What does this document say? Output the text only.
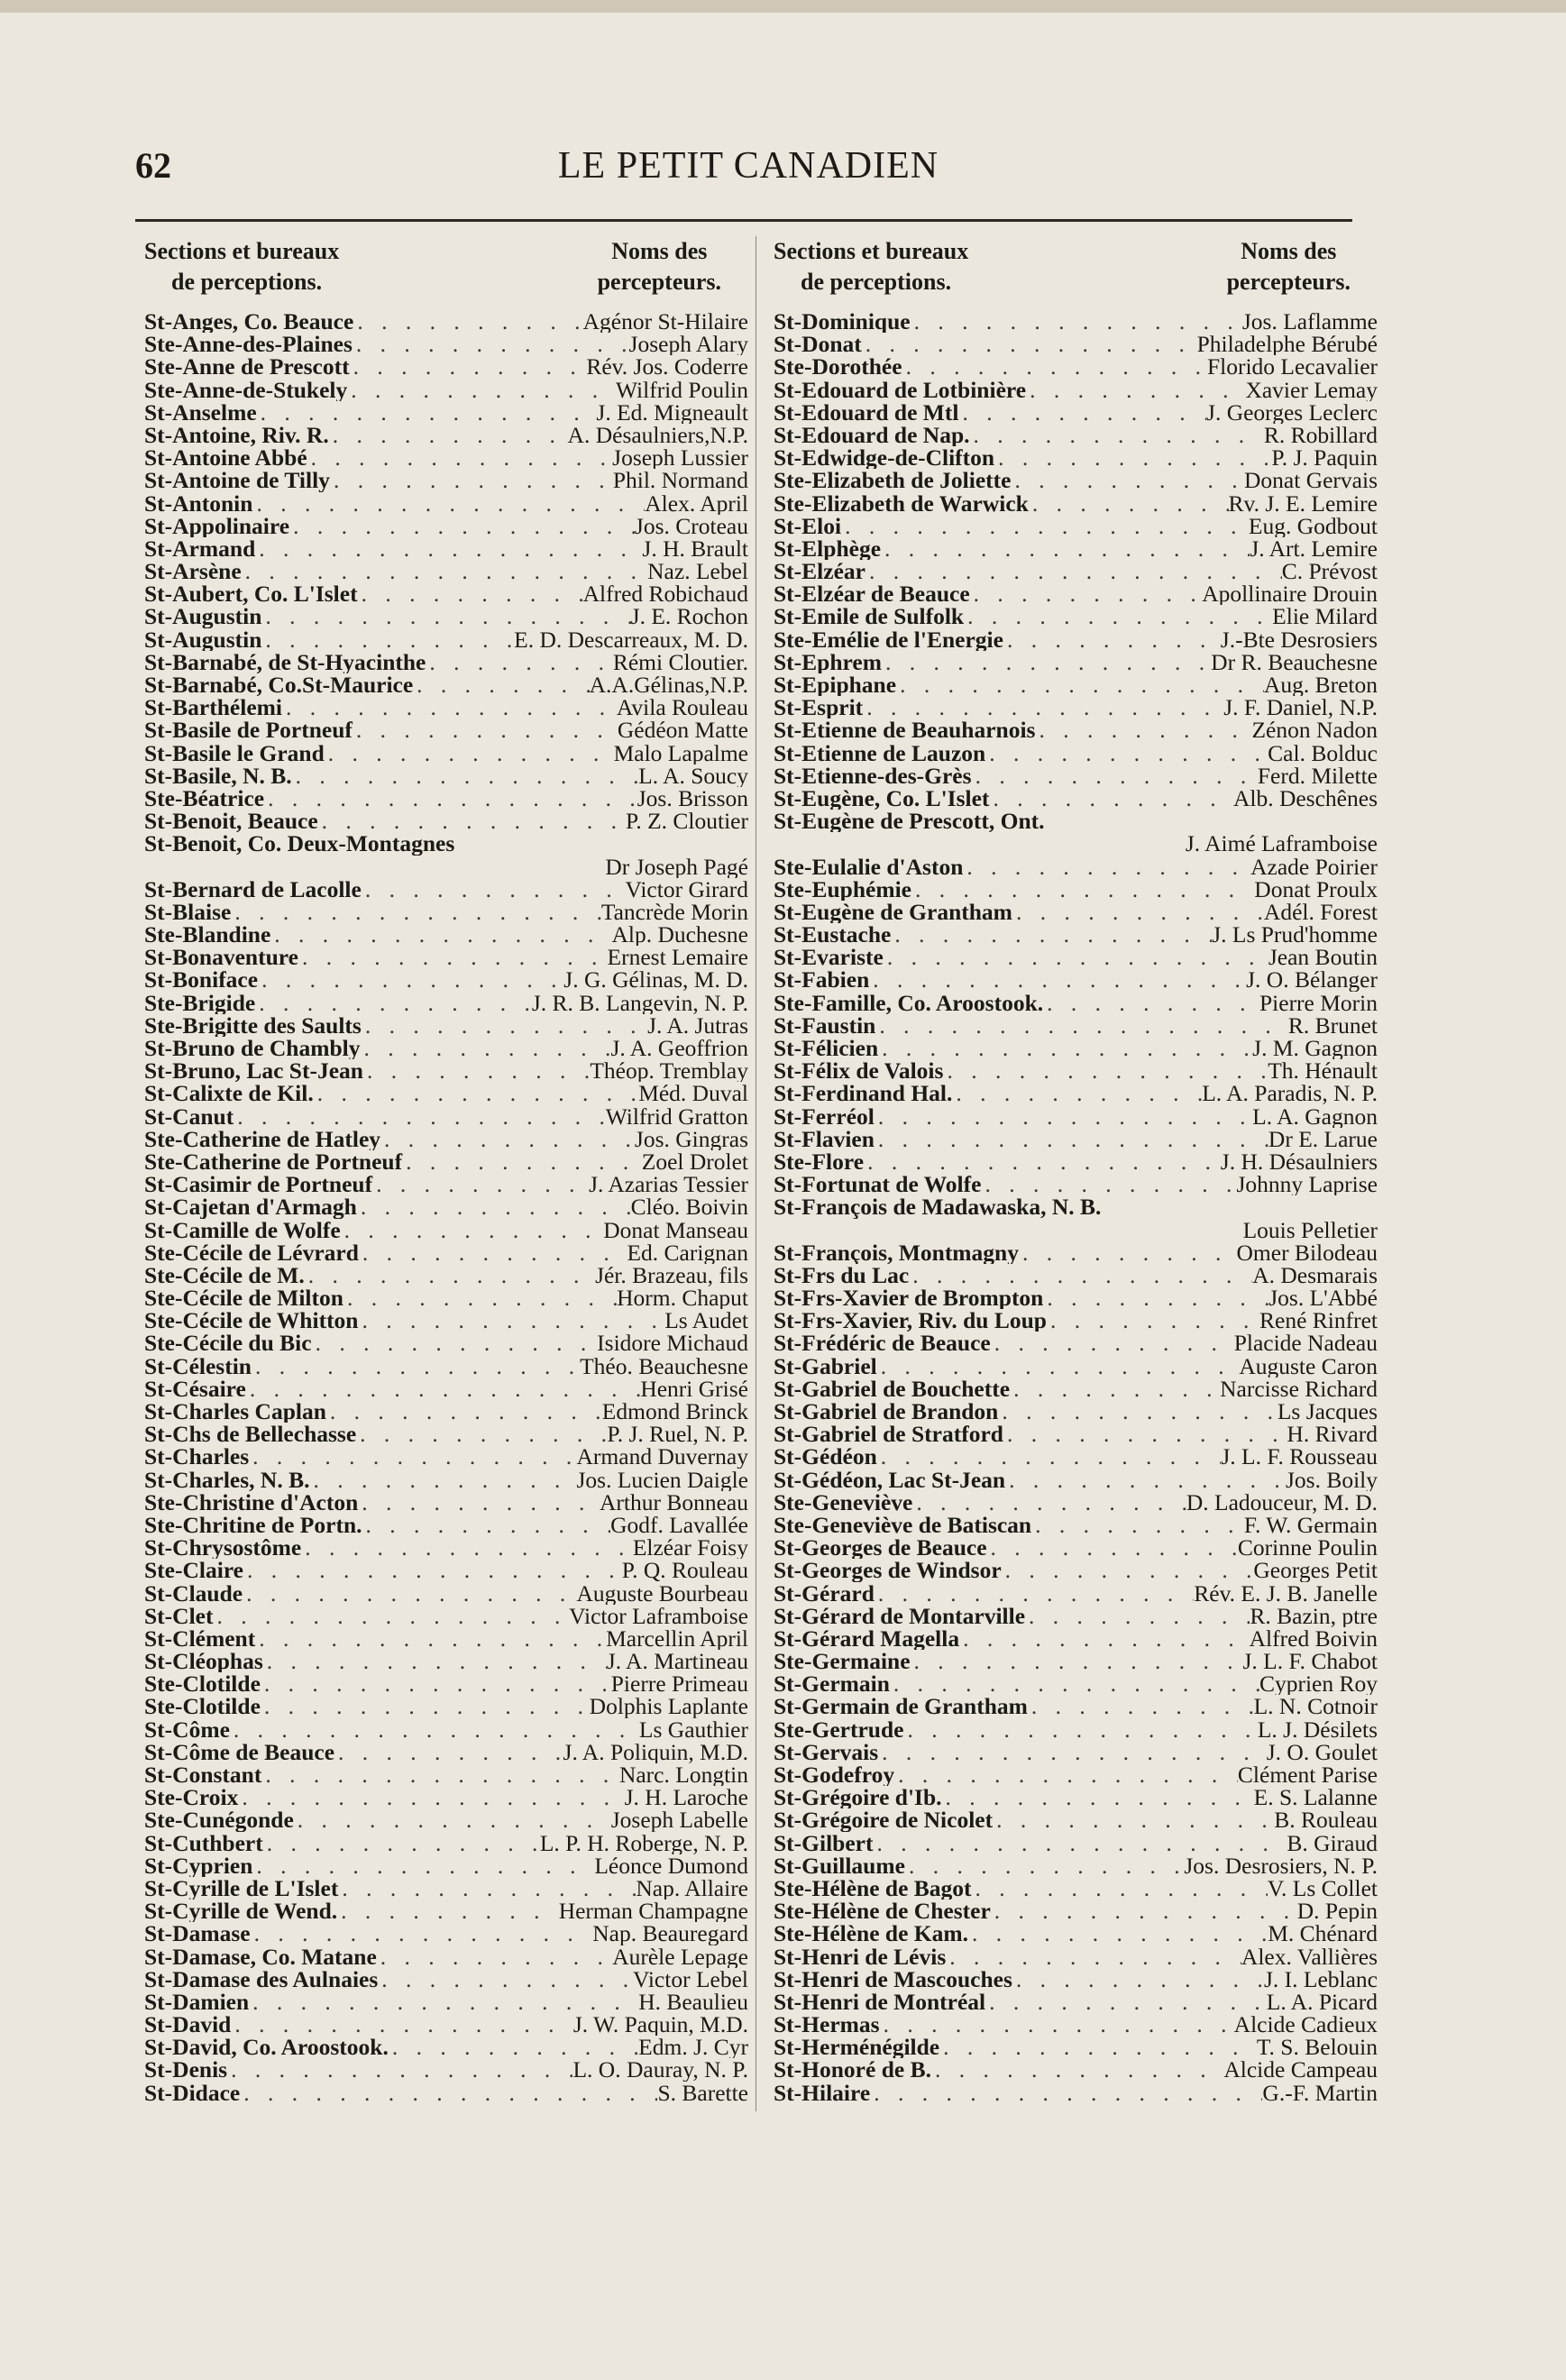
62	LE PETIT CANADIEN
Sections et bureaux
de perceptions.
Noms des
percepteurs.
St-Anges, Co. Beauce . . .	Agénor St-Hilaire
Ste-Anne-des-Plaines . . .	Joseph Alary
Ste-Anne de Prescott . . .	Rév. Jos. Coderre
Ste-Anne-de-Stukely . . .	Wilfrid Poulin
St-Anselme . . .	J. Ed. Migneault
St-Antoine, Riv. R. . . .	A. Désaulniers,N.P.
St-Antoine Abbé . . .	Joseph Lussier
St-Antoine de Tilly . . .	Phil. Normand
St-Antonin . . .	Alex. April
St-Appolinaire . . .	Jos. Croteau
St-Armand . . .	J. H. Brault
St-Arsène . . .	Naz. Lebel
St-Aubert, Co. L'Islet . . .	Alfred Robichaud
St-Augustin . . .	J. E. Rochon
St-Augustin . . .	E. D. Descarreaux, M. D.
St-Barnabé, de St-Hyacinthe . . .	Rémi Cloutier.
St-Barnabé, Co.St-Maurice . . .	A.A.Gélinas,N.P.
St-Barthélemi . . .	Avila Rouleau
St-Basile de Portneuf . . .	Gédéon Matte
St-Basile le Grand . . .	Malo Lapalme
St-Basile, N. B. . . .	L. A. Soucy
Ste-Béatrice . . .	Jos. Brisson
St-Benoit, Beauce . . .	P. Z. Cloutier
St-Benoit, Co. Deux-Montagnes
Dr Joseph Pagé
St-Bernard de Lacolle . . .	Victor Girard
St-Blaise . . .	Tancrède Morin
Ste-Blandine . . .	Alp. Duchesne
St-Bonaventure . . .	Ernest Lemaire
St-Boniface . . .	J. G. Gélinas, M. D.
Ste-Brigide . . .	J. R. B. Langevin, N. P.
Ste-Brigitte des Saults . . .	J. A. Jutras
St-Bruno de Chambly . . .	J. A. Geoffrion
St-Bruno, Lac St-Jean . . .	Théop. Tremblay
St-Calixte de Kil. . . .	Méd. Duval
St-Canut . . .	Wilfrid Gratton
Ste-Catherine de Hatley . . .	Jos. Gingras
Ste-Catherine de Portneuf . . .	Zoel Drolet
St-Casimir de Portneuf . . .	J. Azarias Tessier
St-Cajetan d'Armagh . . .	Cléo. Boivin
St-Camille de Wolfe . . .	Donat Manseau
Ste-Cécile de Lévrard . . .	Ed. Carignan
Ste-Cécile de M. . . .	Jér. Brazeau, fils
Ste-Cécile de Milton . . .	Horm. Chaput
Ste-Cécile de Whitton . . .	Ls Audet
Ste-Cécile du Bic . . .	Isidore Michaud
St-Célestin . . .	Théo. Beauchesne
St-Césaire . . .	Henri Grisé
St-Charles Caplan . . .	Edmond Brinck
St-Chs de Bellechasse . . .	P. J. Ruel, N. P.
St-Charles . . .	Armand Duvernay
St-Charles, N. B. . . .	Jos. Lucien Daigle
Ste-Christine d'Acton . . .	Arthur Bonneau
Ste-Chritine de Portn. . . .	Godf. Lavallée
St-Chrysostôme . . .	Elzéar Foisy
Ste-Claire . . .	P. Q. Rouleau
St-Claude . . .	Auguste Bourbeau
St-Clet . . .	Victor Laframboise
St-Clément . . .	Marcellin April
St-Cléophas . . .	J. A. Martineau
Ste-Clotilde . . .	Pierre Primeau
Ste-Clotilde . . .	Dolphis Laplante
St-Côme . . .	Ls Gauthier
St-Côme de Beauce . . .	J. A. Poliquin, M.D.
St-Constant . . .	Narc. Longtin
Ste-Croix . . .	J. H. Laroche
Ste-Cunégonde . . .	Joseph Labelle
St-Cuthbert . . .	L. P. H. Roberge, N. P.
St-Cyprien . . .	Léonce Dumond
St-Cyrille de L'Islet . . .	Nap. Allaire
St-Cyrille de Wend. . . .	Herman Champagne
St-Damase . . .	Nap. Beauregard
St-Damase, Co. Matane . . .	Aurèle Lepage
St-Damase des Aulnaies . . .	Victor Lebel
St-Damien . . .	H. Beaulieu
St-David . . .	J. W. Paquin, M.D.
St-David, Co. Aroostook. . . .	Edm. J. Cyr
St-Denis . . .	L. O. Dauray, N. P.
St-Didace . . .	S. Barette
Sections et bureaux
de perceptions.
Noms des
percepteurs.
St-Dominique . . .	Jos. Laflamme
St-Donat . . .	Philadelphe Bérubé
Ste-Dorothée . . .	Florido Lecavalier
St-Edouard de Lotbinière . . .	Xavier Lemay
St-Edouard de Mtl . . .	J. Georges Leclerc
St-Edouard de Nap. . . .	R. Robillard
St-Edwidge-de-Clifton . . .	P. J. Paquin
Ste-Elizabeth de Joliette . . .	Donat Gervais
Ste-Elizabeth de Warwick . . .	Rv. J. E. Lemire
St-Eloi . . .	Eug. Godbout
St-Elphège . . .	J. Art. Lemire
St-Elzéar . . .	C. Prévost
St-Elzéar de Beauce . . .	Apollinaire Drouin
St-Emile de Sulfolk . . .	Elie Milard
Ste-Emélie de l'Energie . . .	J.-Bte Desrosiers
St-Ephrem . . .	Dr R. Beauchesne
St-Epiphane . . .	Aug. Breton
St-Esprit . . .	J. F. Daniel, N.P.
St-Etienne de Beauharnois . . .	Zénon Nadon
St-Etienne de Lauzon . . .	Cal. Bolduc
St-Etienne-des-Grès . . .	Ferd. Milette
St-Eugène, Co. L'Islet . . .	Alb. Deschênes
St-Eugène de Prescott, Ont.
J. Aimé Laframboise
Ste-Eulalie d'Aston . . .	Azade Poirier
Ste-Euphémie . . .	Donat Proulx
St-Eugène de Grantham . . .	Adél. Forest
St-Eustache . . .	J. Ls Prud'homme
St-Evariste . . .	Jean Boutin
St-Fabien . . .	J. O. Bélanger
Ste-Famille, Co. Aroostook. . . .	Pierre Morin
St-Faustin . . .	R. Brunet
St-Félicien . . .	J. M. Gagnon
St-Félix de Valois . . .	Th. Hénault
St-Ferdinand Hal. . . .	L. A. Paradis, N. P.
St-Ferréol . . .	L. A. Gagnon
St-Flavien . . .	Dr E. Larue
Ste-Flore . . .	J. H. Désaulniers
St-Fortunat de Wolfe . . .	Johnny Laprise
St-François de Madawaska, N. B.
Louis Pelletier
St-François, Montmagny . . .	Omer Bilodeau
St-Frs du Lac . . .	A. Desmarais
St-Frs-Xavier de Brompton . . .	Jos. L'Abbé
St-Frs-Xavier, Riv. du Loup . . .	René Rinfret
St-Frédéric de Beauce . . .	Placide Nadeau
St-Gabriel . . .	Auguste Caron
St-Gabriel de Bouchette . . .	Narcisse Richard
St-Gabriel de Brandon . . .	Ls Jacques
St-Gabriel de Stratford . . .	H. Rivard
St-Gédéon . . .	J. L. F. Rousseau
St-Gédéon, Lac St-Jean . . .	Jos. Boily
Ste-Geneviève . . .	D. Ladouceur, M. D.
Ste-Geneviève de Batiscan . . .	F. W. Germain
St-Georges de Beauce . . .	Corinne Poulin
St-Georges de Windsor . . .	Georges Petit
St-Gérard . . .	Rév. E. J. B. Janelle
St-Gérard de Montarville . . .	R. Bazin, ptre
St-Gérard Magella . . .	Alfred Boivin
Ste-Germaine . . .	J. L. F. Chabot
St-Germain . . .	Cyprien Roy
St-Germain de Grantham . . .	L. N. Cotnoir
Ste-Gertrude . . .	L. J. Désilets
St-Gervais . . .	J. O. Goulet
St-Godefroy . . .	Clément Parise
St-Grégoire d'Ib. . . .	E. S. Lalanne
St-Grégoire de Nicolet . . .	B. Rouleau
St-Gilbert . . .	B. Giraud
St-Guillaume . . .	Jos. Desrosiers, N. P.
Ste-Hélène de Bagot . . .	V. Ls Collet
Ste-Hélène de Chester . . .	D. Pepin
Ste-Hélène de Kam. . . .	M. Chénard
St-Henri de Lévis . . .	Alex. Vallières
St-Henri de Mascouches . . .	J. I. Leblanc
St-Henri de Montréal . . .	L. A. Picard
St-Hermas . . .	Alcide Cadieux
St-Herménégilde . . .	T. S. Belouin
St-Honoré de B. . . .	Alcide Campeau
St-Hilaire . . .	G.-F. Martin
